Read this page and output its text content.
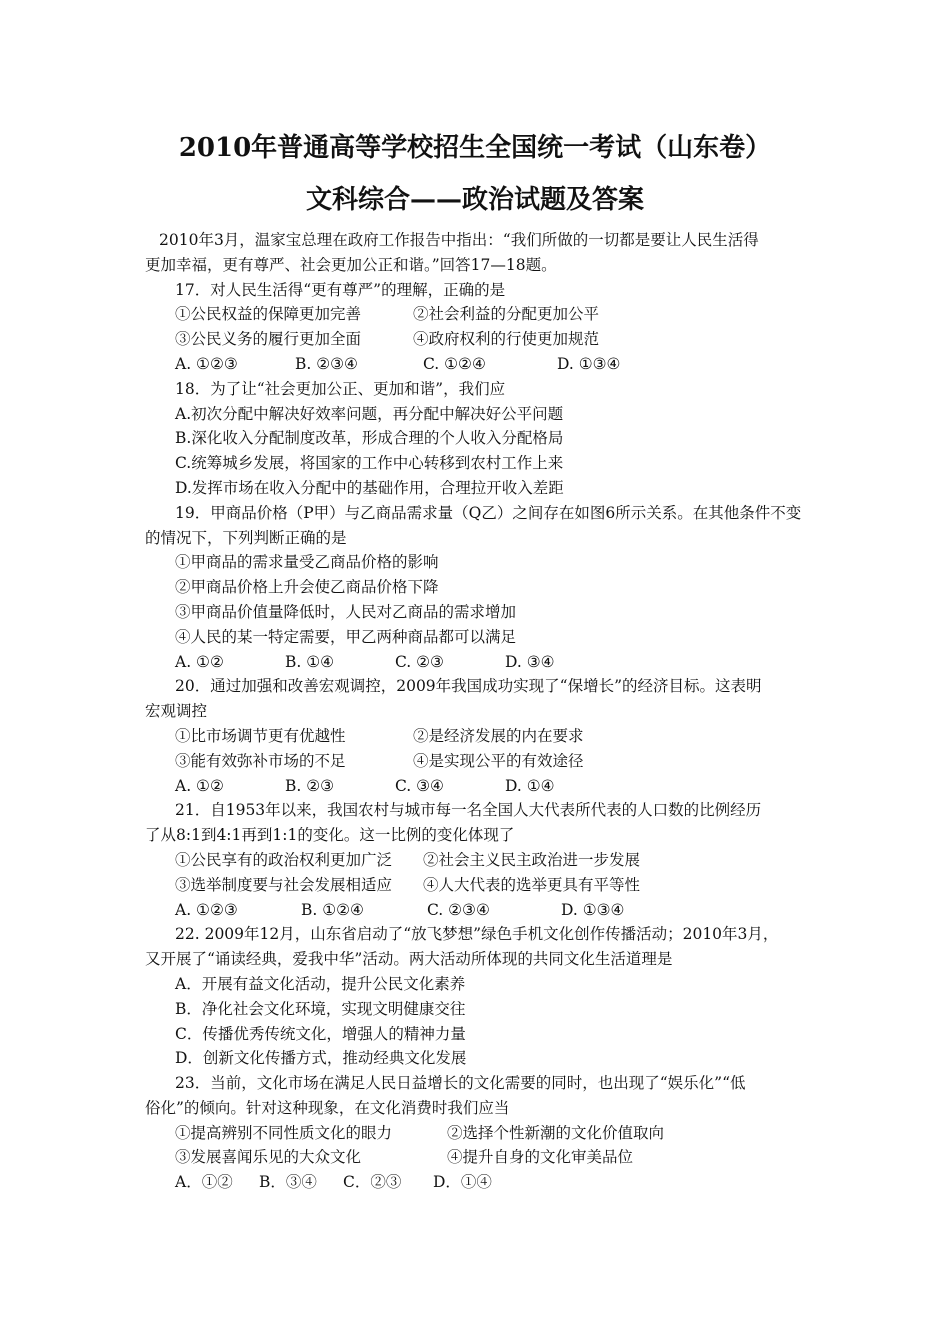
2010年普通高等学校招生全国统一考试（山东卷）
文科综合——政治试题及答案
2010年3月，温家宝总理在政府工作报告中指出：“我们所做的一切都是要让人民生活得
更加幸福，更有尊严、社会更加公正和谐。”回答17—18题。
17．对人民生活得“更有尊严”的理解，正确的是
①公民权益的保障更加完善	②社会利益的分配更加公平
③公民义务的履行更加全面	④政府权利的行使更加规范
A. ①②③	B. ②③④	C. ①②④	D. ①③④
18．为了让“社会更加公正、更加和谐”，我们应
A.初次分配中解决好效率问题，再分配中解决好公平问题
B.深化收入分配制度改革，形成合理的个人收入分配格局
C.统筹城乡发展，将国家的工作中心转移到农村工作上来
D.发挥市场在收入分配中的基础作用，合理拉开收入差距
19．甲商品价格（P甲）与乙商品需求量（Q乙）之间存在如图6所示关系。在其他条件不变
的情况下，下列判断正确的是
①甲商品的需求量受乙商品价格的影响
②甲商品价格上升会使乙商品价格下降
③甲商品价值量降低时，人民对乙商品的需求增加
④人民的某一特定需要，甲乙两种商品都可以满足
A. ①②	B. ①④	C. ②③	D. ③④
20．通过加强和改善宏观调控，2009年我国成功实现了“保增长”的经济目标。这表明
宏观调控
①比市场调节更有优越性	②是经济发展的内在要求
③能有效弥补市场的不足	④是实现公平的有效途径
A. ①②	B. ②③	C. ③④	D. ①④
21．自1953年以来，我国农村与城市每一名全国人大代表所代表的人口数的比例经历
了从8:1到4:1再到1:1的变化。这一比例的变化体现了
①公民享有的政治权利更加广泛	②社会主义民主政治进一步发展
③选举制度要与社会发展相适应	④人大代表的选举更具有平等性
A. ①②③	B. ①②④	C. ②③④	D. ①③④
22. 2009年12月，山东省启动了“放飞梦想”绿色手机文化创作传播活动；2010年3月，
又开展了“诵读经典，爱我中华”活动。两大活动所体现的共同文化生活道理是
A．开展有益文化活动，提升公民文化素养
B．净化社会文化环境，实现文明健康交往
C．传播优秀传统文化，增强人的精神力量
D．创新文化传播方式，推动经典文化发展
23．当前，文化市场在满足人民日益增长的文化需要的同时，也出现了“娱乐化”“低
俗化”的倾向。针对这种现象，在文化消费时我们应当
①提高辨别不同性质文化的眼力	②选择个性新潮的文化价值取向
③发展喜闻乐见的大众文化	④提升自身的文化审美品位
A．①② B．③④ C．②③ D．①④
